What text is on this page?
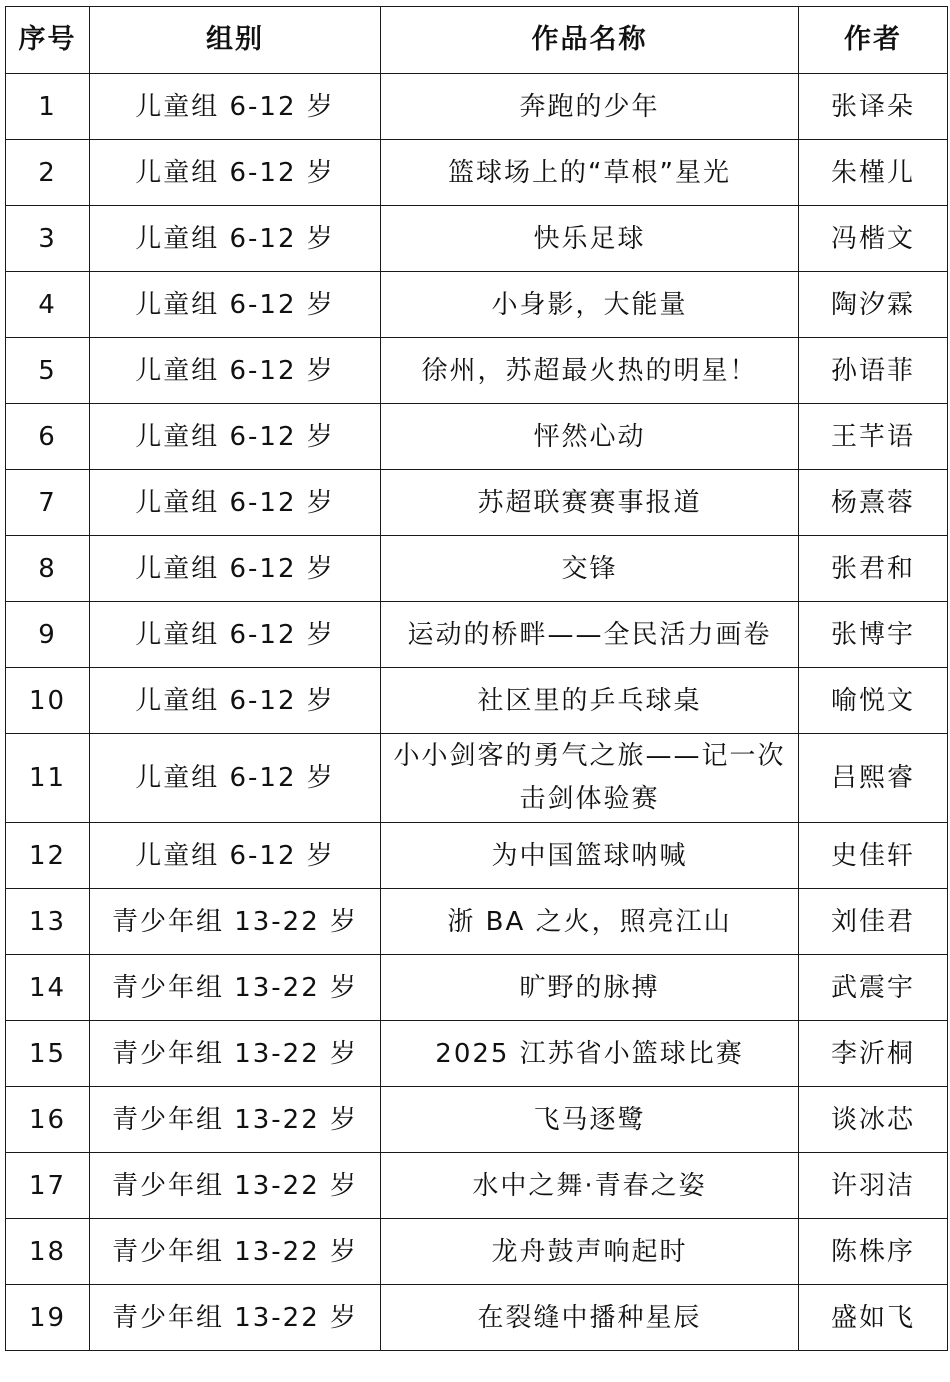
序号	组别	作品名称	作者
1	儿童组 6-12 岁	奔跑的少年	张译朵
2	儿童组 6-12 岁	篮球场上的“草根”星光	朱槿儿
3	儿童组 6-12 岁	快乐足球	冯楷文
4	儿童组 6-12 岁	小身影，大能量	陶汐霖
5	儿童组 6-12 岁	徐州，苏超最火热的明星！	孙语菲
6	儿童组 6-12 岁	怦然心动	王芊语
7	儿童组 6-12 岁	苏超联赛赛事报道	杨熹蓉
8	儿童组 6-12 岁	交锋	张君和
9	儿童组 6-12 岁	运动的桥畔——全民活力画卷	张博宇
10	儿童组 6-12 岁	社区里的乒乓球桌	喻悦文
11	儿童组 6-12 岁	小小剑客的勇气之旅——记一次击剑体验赛	吕熙睿
12	儿童组 6-12 岁	为中国篮球呐喊	史佳轩
13	青少年组 13-22 岁	浙 BA 之火，照亮江山	刘佳君
14	青少年组 13-22 岁	旷野的脉搏	武震宇
15	青少年组 13-22 岁	2025 江苏省小篮球比赛	李沂桐
16	青少年组 13-22 岁	飞马逐鹭	谈冰芯
17	青少年组 13-22 岁	水中之舞·青春之姿	许羽洁
18	青少年组 13-22 岁	龙舟鼓声响起时	陈株序
19	青少年组 13-22 岁	在裂缝中播种星辰	盛如飞
